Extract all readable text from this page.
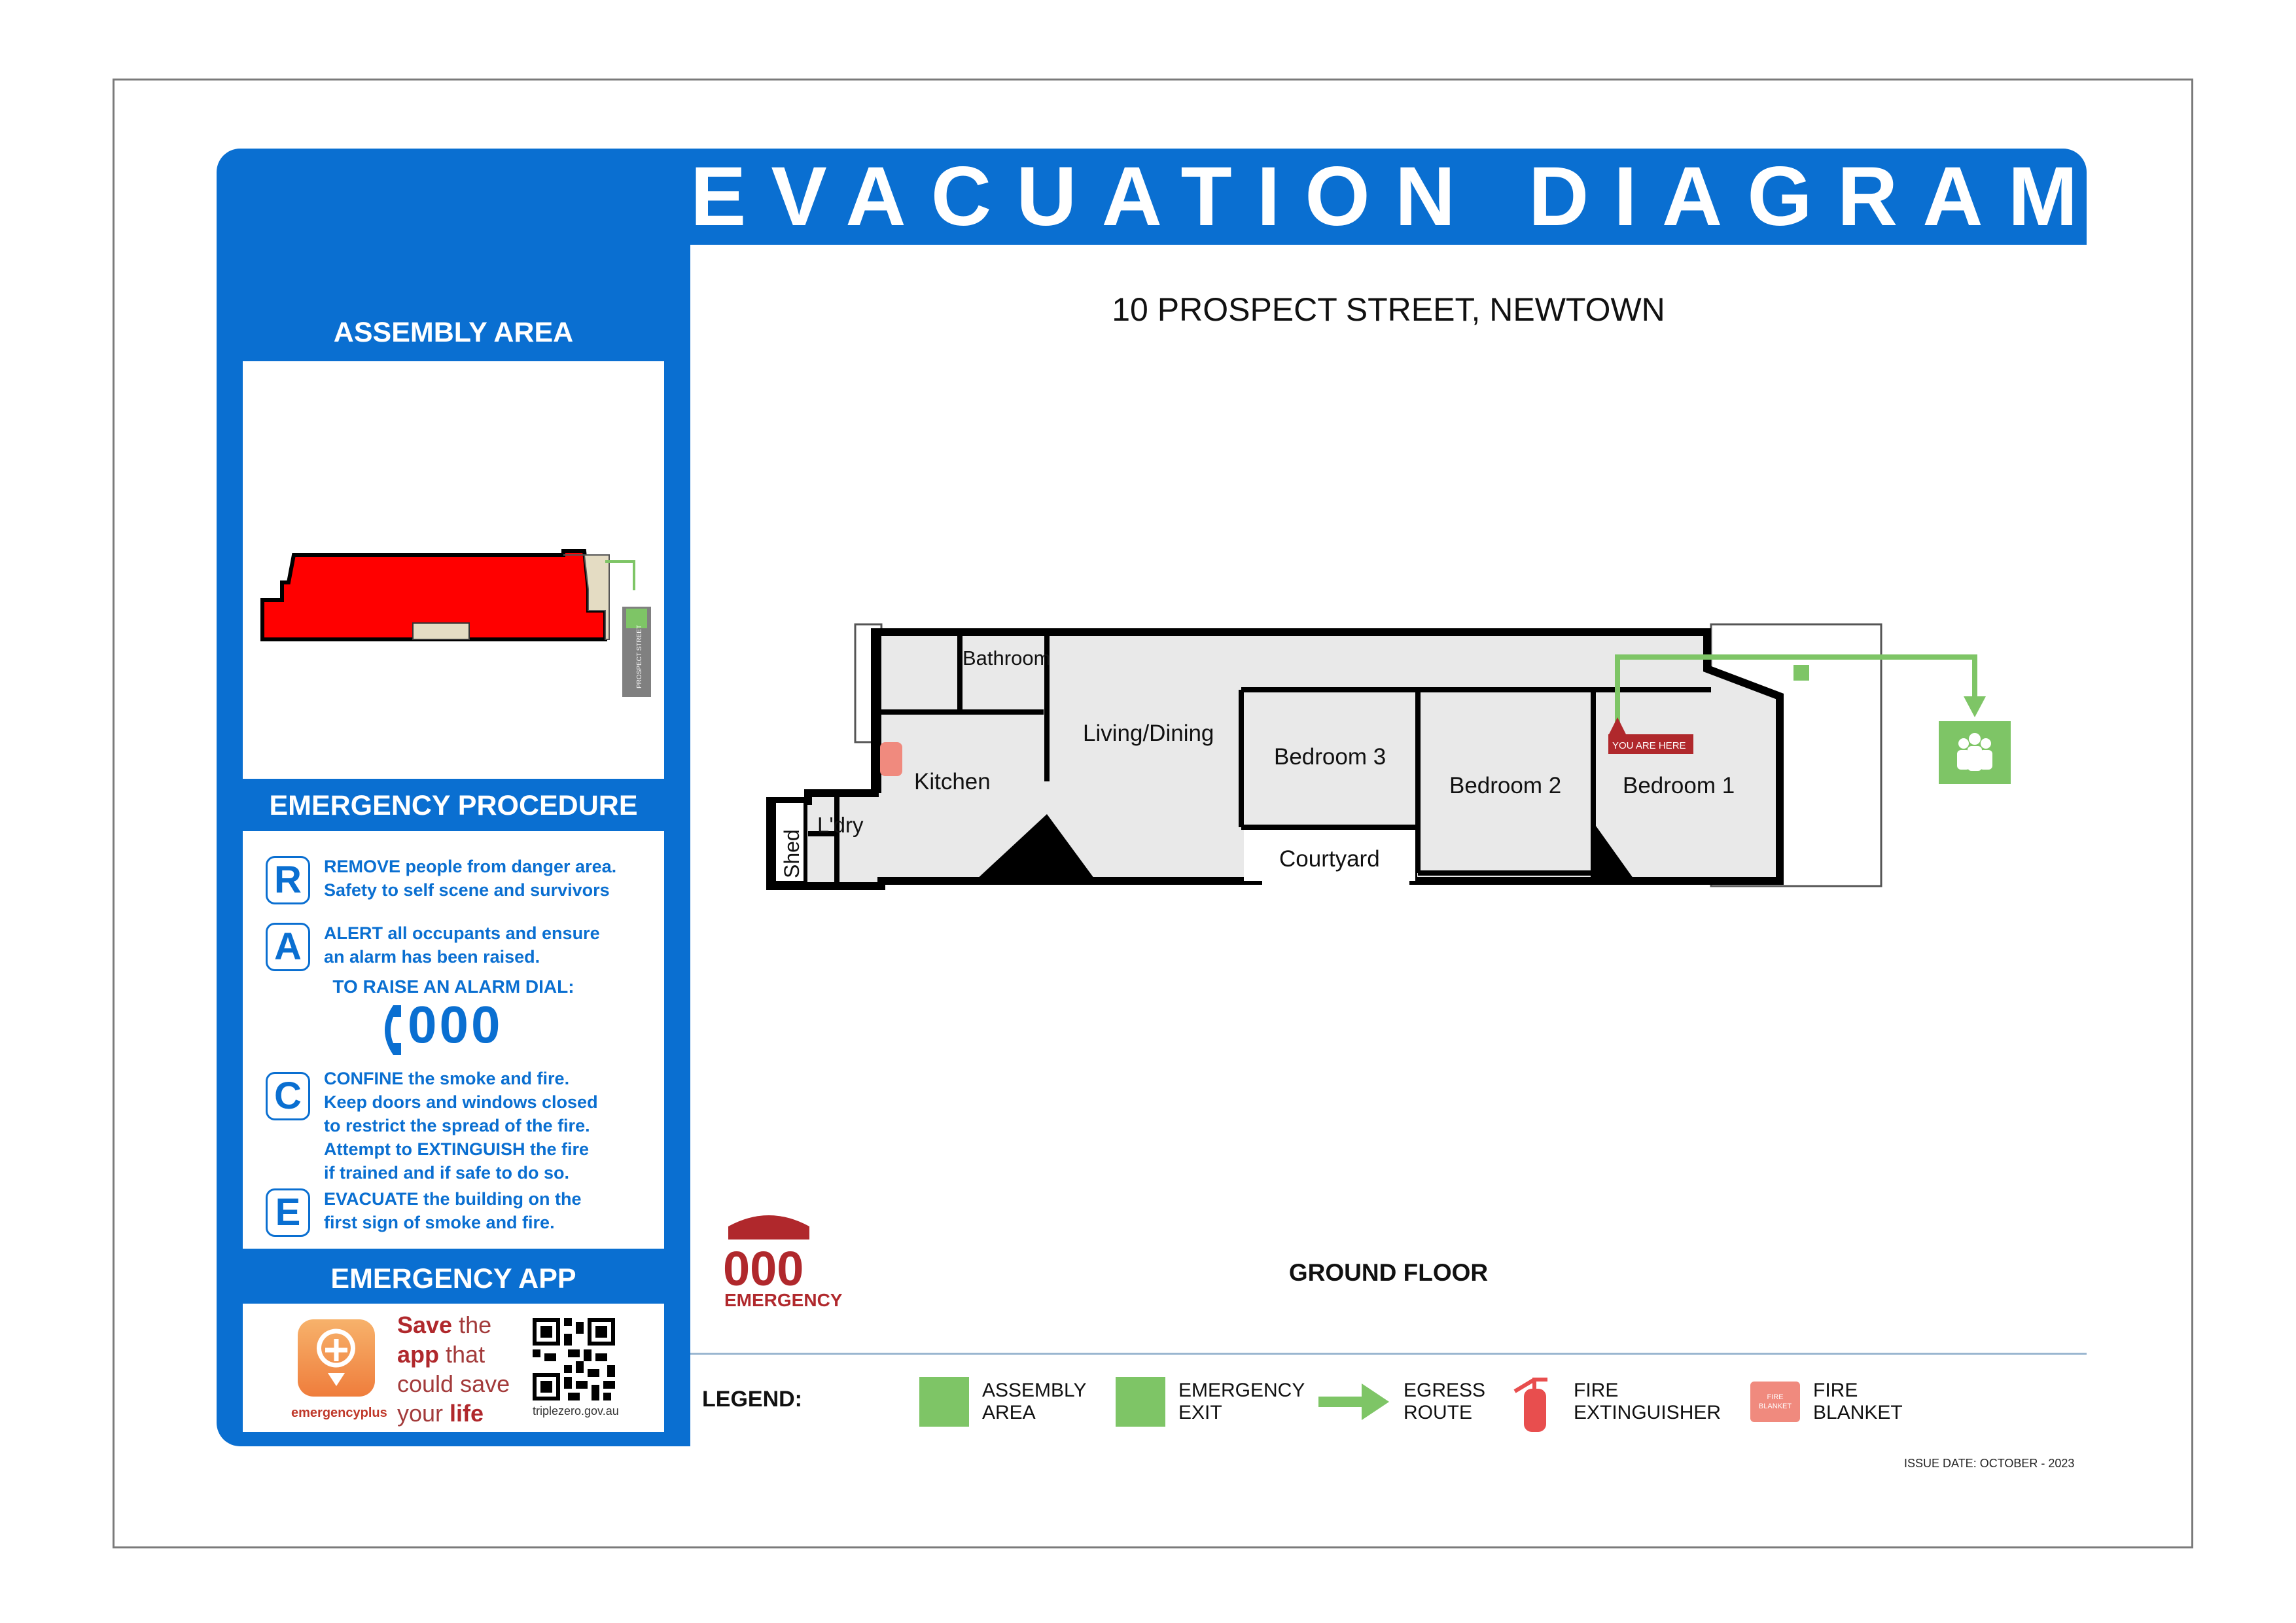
EVACUATION DIAGRAM
ASSEMBLY AREA
PROSPECT STREET
EMERGENCY PROCEDURE
R	REMOVE people from danger area.
Safety to self scene and survivors
A	ALERT all occupants and ensure
an alarm has been raised.
TO RAISE AN ALARM DIAL:
000
C	CONFINE the smoke and fire.
Keep doors and windows closed
to restrict the spread of the fire.
Attempt to EXTINGUISH the fire
if trained and if safe to do so.
E	EVACUATE the building on the
first sign of smoke and fire.
EMERGENCY APP
emergencyplus
Save the
app that
could save
your life	triplezero.gov.au
10 PROSPECT STREET, NEWTOWN
YOU ARE HERE
Bathroom
Living/Dining
Kitchen
Bedroom 3
Bedroom 2	Bedroom 1
Courtyard
L'dry
Shed
000
EMERGENCY
GROUND FLOOR
LEGEND:	ASSEMBLY
AREA
EMERGENCY
EXIT
EGRESS
ROUTE
FIRE
EXTINGUISHER
FIRE
BLANKET
FIRE
BLANKET
ISSUE DATE: OCTOBER - 2023
